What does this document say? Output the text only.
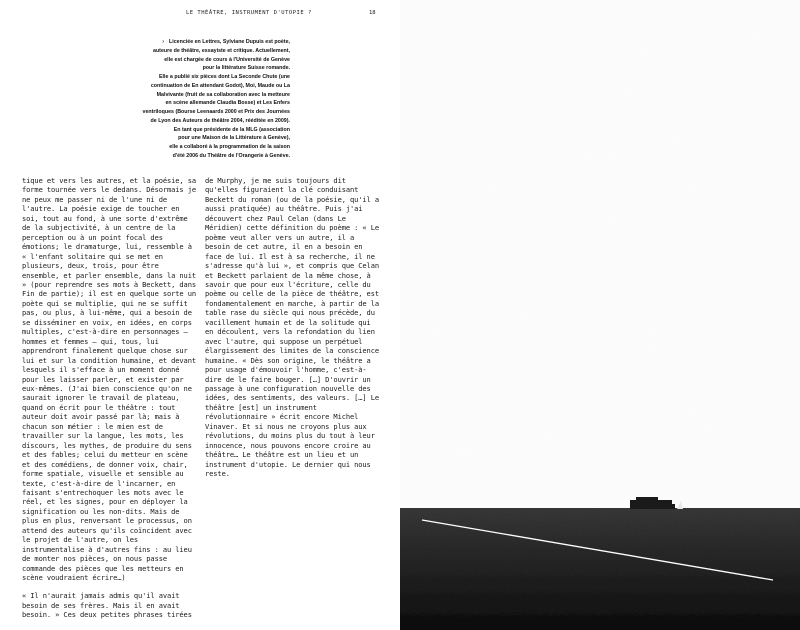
LE THÉÂTRE, INSTRUMENT D'UTOPIE ?	18

› Licenciée en Lettres, Sylviane Dupuis est poète,

auteure de théâtre, essayiste et critique. Actuellement,

elle est chargée de cours à l'Université de Genève

pour la littérature Suisse romande.

Elle a publié six pièces dont La Seconde Chute (une

continuation de En attendant Godot), Moi, Maude ou La

Malvivante (fruit de sa collaboration avec la metteure

en scène allemande Claudia Bosse) et Les Enfers

ventriloques (Bourse Leenaards 2000 et Prix des Journées

de Lyon des Auteurs de théâtre 2004, rééditée en 2009).

En tant que présidente de la MLG (association

pour une Maison de la Littérature à Genève),

elle a collaboré à la programmation de la saison

d'été 2006 du Théâtre de l'Orangerie à Genève.

tique et vers les autres, et la poésie, sa forme tournée vers le dedans. Désormais je ne peux me passer ni de l'une ni de l'autre. La poésie exige de toucher en soi, tout au fond, à une sorte d'extrême de la subjectivité, à un centre de la perception ou à un point focal des émotions; le dramaturge, lui, ressemble à « l'enfant solitaire qui se met en plusieurs, deux, trois, pour être ensemble, et parler ensemble, dans la nuit » (pour reprendre ses mots à Beckett, dans Fin de partie); il est en quelque sorte un poète qui se multiplie, qui ne se suffit pas, ou plus, à lui-même, qui a besoin de se disséminer en voix, en idées, en corps multiples, c'est-à-dire en personnages – hommes et femmes – qui, tous, lui apprendront finalement quelque chose sur lui et sur la condition humaine, et devant lesquels il s'efface à un moment donné pour les laisser parler, et exister par eux-mêmes. (J'ai bien conscience qu'on ne saurait ignorer le travail de plateau, quand on écrit pour le théâtre : tout auteur doit avoir passé par là; mais à chacun son métier : le mien est de travailler sur la langue, les mots, les discours, les mythes, de produire du sens et des fables; celui du metteur en scène et des comédiens, de donner voix, chair, forme spatiale, visuelle et sensible au texte, c'est-à-dire de l'incarner, en faisant s'entrechoquer les mots avec le réel, et les signes, pour en déployer la signification ou les non-dits. Mais de plus en plus, renversant le processus, on attend des auteurs qu'ils coïncident avec le projet de l'autre, on les instrumentalise à d'autres fins : au lieu de monter nos pièces, on nous passe commande des pièces que les metteurs en scène voudraient écrire…)

« Il n'aurait jamais admis qu'il avait besoin de ses frères. Mais il en avait besoin. » Ces deux petites phrases tirées

de Murphy, je me suis toujours dit qu'elles figuraient la clé conduisant Beckett du roman (ou de la poésie, qu'il a aussi pratiquée) au théâtre. Puis j'ai découvert chez Paul Celan (dans Le Méridien) cette définition du poème : « Le poème veut aller vers un autre, il a besoin de cet autre, il en a besoin en face de lui. Il est à sa recherche, il ne s'adresse qu'à lui », et compris que Celan et Beckett parlaient de la même chose, à savoir que pour eux l'écriture, celle du poème ou celle de la pièce de théâtre, est fondamentalement en marche, à partir de la table rase du siècle qui nous précède, du vacillement humain et de la solitude qui en découlent, vers la refondation du lien avec l'autre, qui suppose un perpétuel élargissement des limites de la conscience humaine. « Dès son origine, le théâtre a pour usage d'émouvoir l'homme, c'est-à-dire de le faire bouger. […] D'ouvrir un passage à une configuration nouvelle des idées, des sentiments, des valeurs. […] Le théâtre [est] un instrument révolutionnaire » écrit encore Michel Vinaver. Et si nous ne croyons plus aux révolutions, du moins plus du tout à leur innocence, nous pouvons encore croire au théâtre… Le théâtre est un lieu et un instrument d'utopie. Le dernier qui nous reste.
